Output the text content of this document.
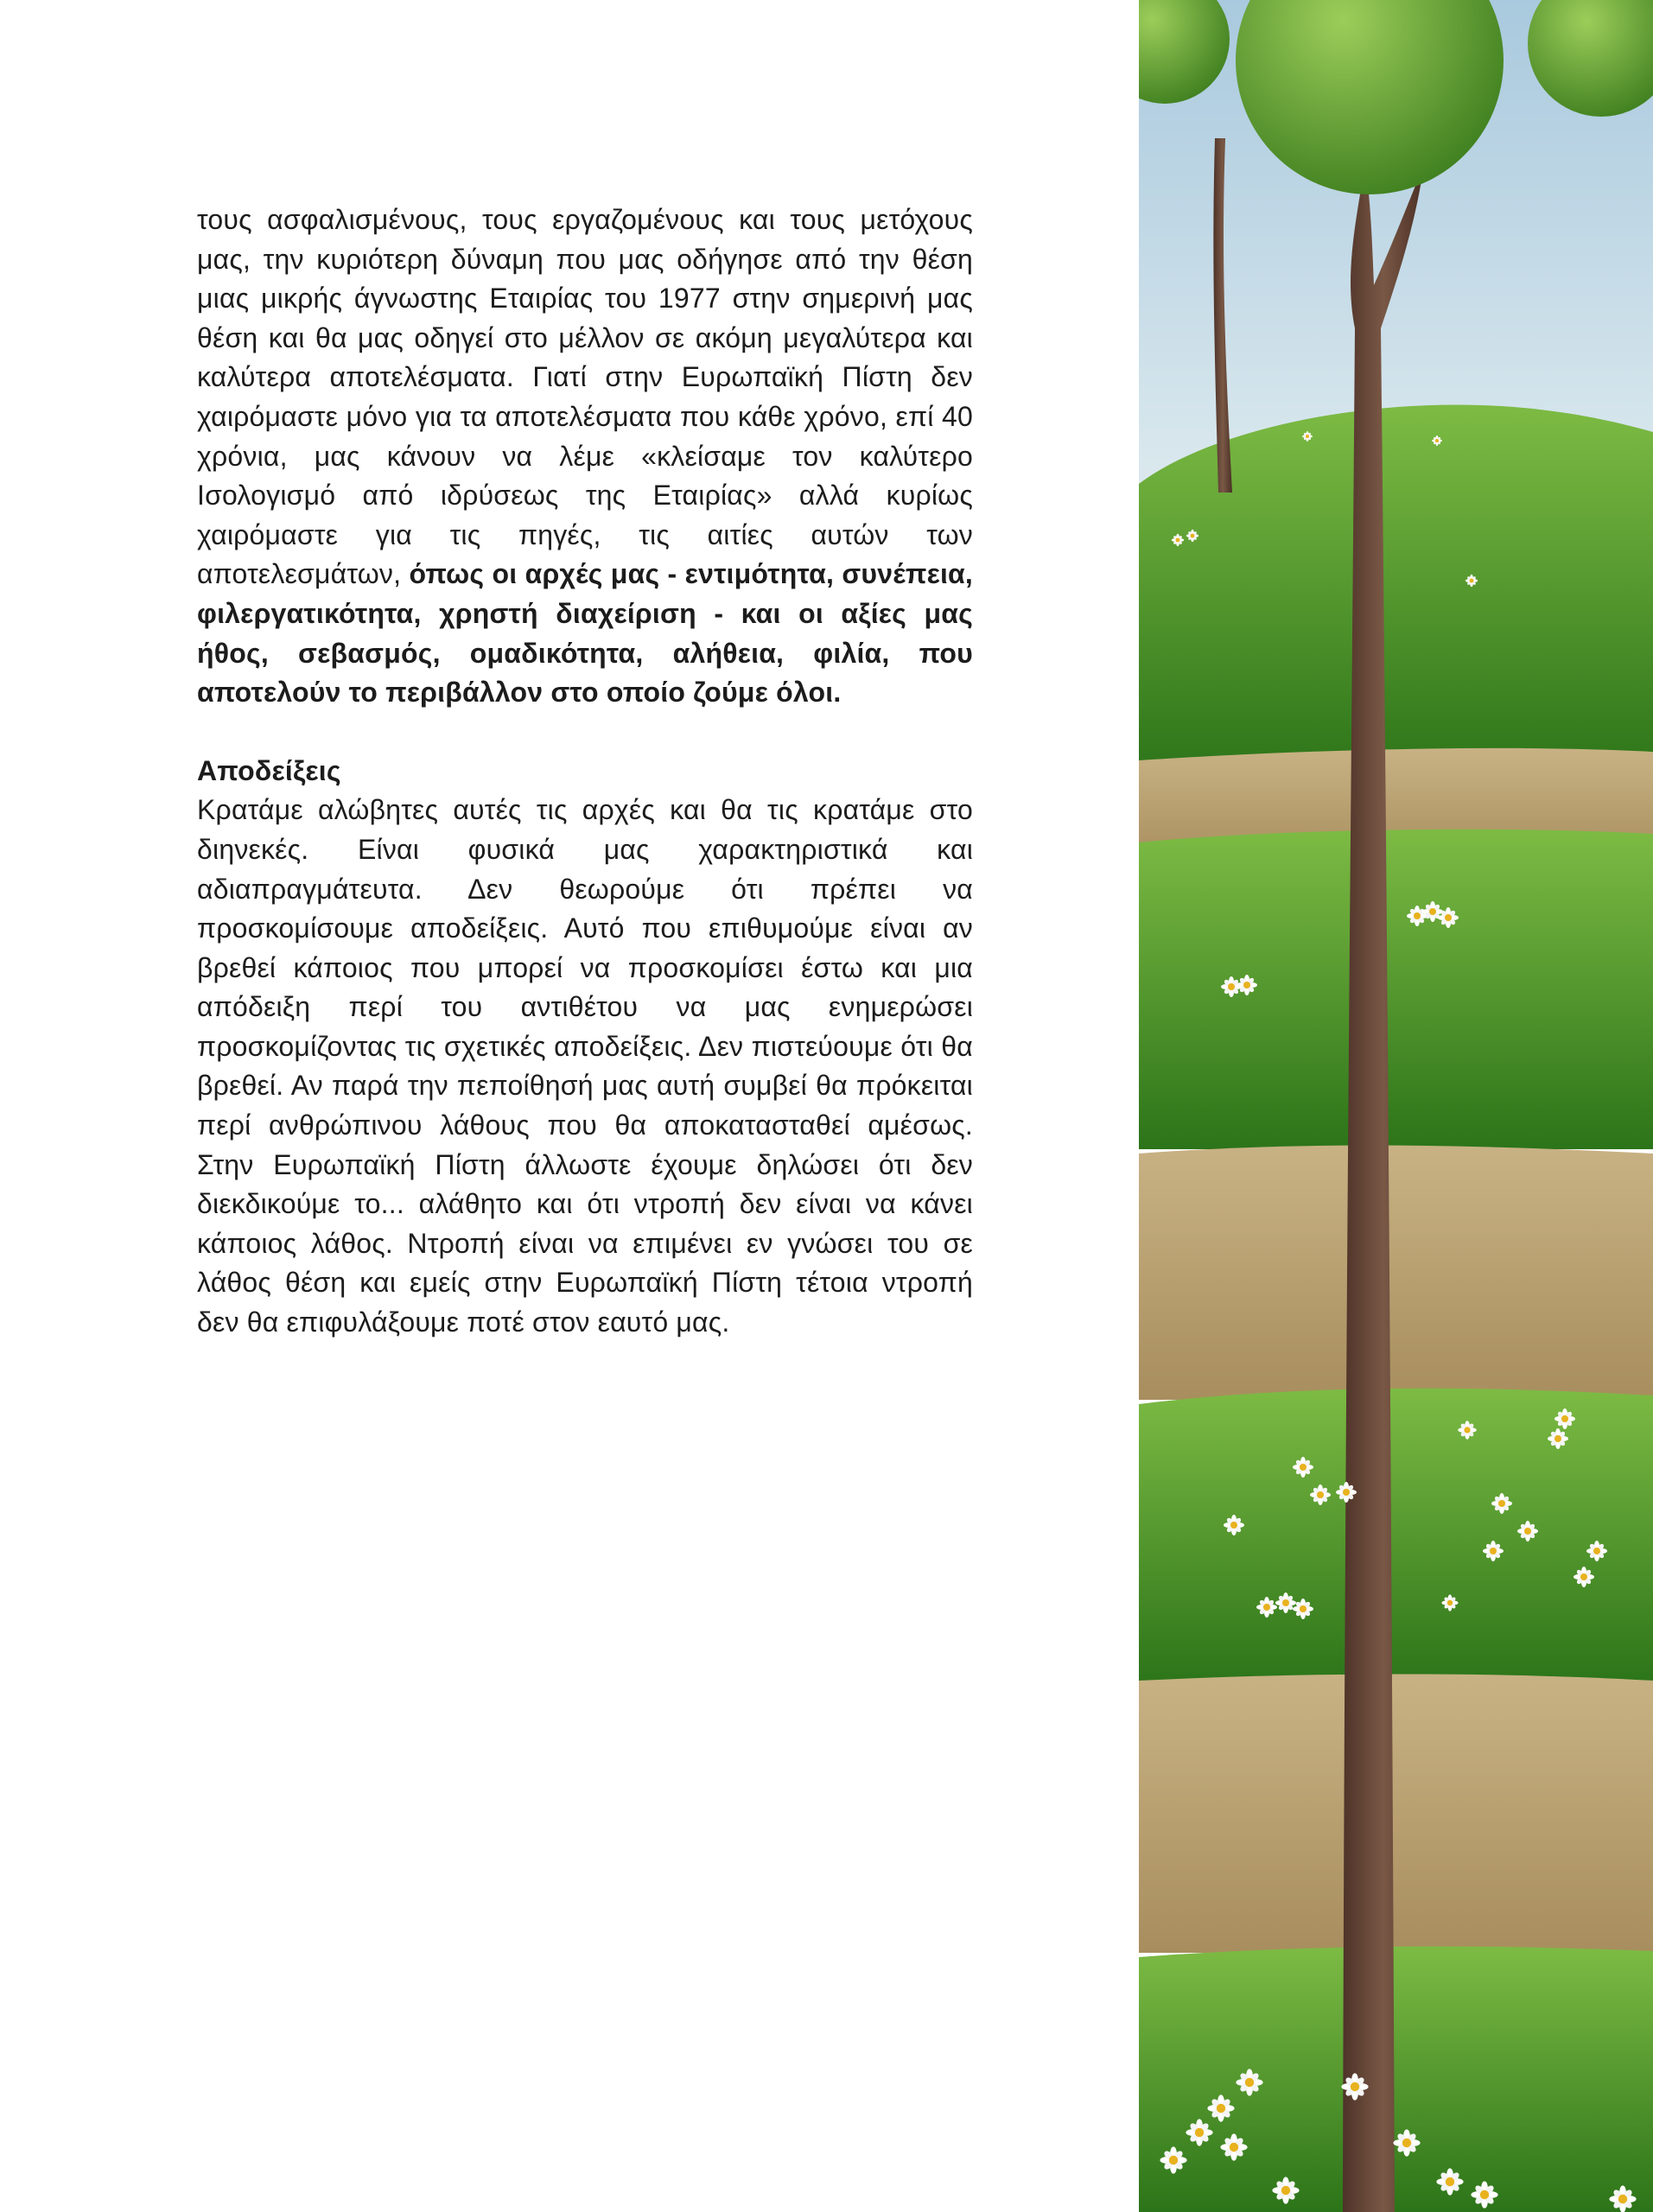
τους ασφαλισμένους, τους εργαζομένους και τους μετόχους μας, την κυριότερη δύναμη που μας οδήγησε από την θέση μιας μικρής άγνωστης Εταιρίας του 1977 στην σημερινή μας θέση και θα μας οδηγεί στο μέλλον σε ακόμη μεγαλύτερα και καλύτερα αποτελέσματα. Γιατί στην Ευρωπαϊκή Πίστη δεν χαιρόμαστε μόνο για τα αποτελέσματα που κάθε χρόνο, επί 40 χρόνια, μας κάνουν να λέμε «κλείσαμε τον καλύτερο Ισολογισμό από ιδρύσεως της Εταιρίας» αλλά κυρίως χαιρόμαστε για τις πηγές, τις αιτίες αυτών των αποτελεσμάτων, όπως οι αρχές μας - εντιμότητα, συνέπεια, φιλεργατικότητα, χρηστή διαχείριση - και οι αξίες μας ήθος, σεβασμός, ομαδικότητα, αλήθεια, φιλία, που αποτελούν το περιβάλλον στο οποίο ζούμε όλοι.

Αποδείξεις

Κρατάμε αλώβητες αυτές τις αρχές και θα τις κρατάμε στο διηνεκές. Είναι φυσικά μας χαρακτηριστικά και αδιαπραγμάτευτα. Δεν θεωρούμε ότι πρέπει να προσκομίσουμε αποδείξεις. Αυτό που επιθυμούμε είναι αν βρεθεί κάποιος που μπορεί να προσκομίσει έστω και μια απόδειξη περί του αντιθέτου να μας ενημερώσει προσκομίζοντας τις σχετικές αποδείξεις. Δεν πιστεύουμε ότι θα βρεθεί. Αν παρά την πεποίθησή μας αυτή συμβεί θα πρόκειται περί ανθρώπινου λάθους που θα αποκατασταθεί αμέσως. Στην Ευρωπαϊκή Πίστη άλλωστε έχουμε δηλώσει ότι δεν διεκδικούμε το... αλάθητο και ότι ντροπή δεν είναι να κάνει κάποιος λάθος. Ντροπή είναι να επιμένει εν γνώσει του σε λάθος θέση και εμείς στην Ευρωπαϊκή Πίστη τέτοια ντροπή δεν θα επιφυλάξουμε ποτέ στον εαυτό μας.
